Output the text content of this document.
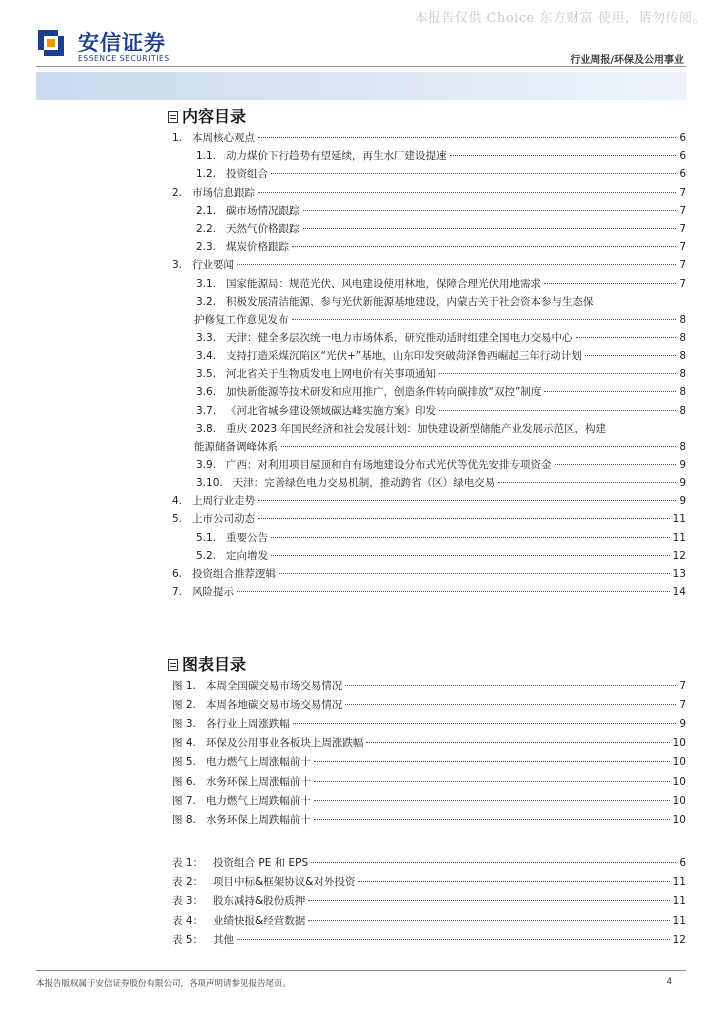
本报告仅供 Choice 东方财富 使用，请勿传阅。
安信证券
ESSENCE SECURITIES	行业周报/环保及公用事业
内容目录
1. 本周核心观点	6
1.1. 动力煤价下行趋势有望延续，再生水厂建设提速	6
1.2. 投资组合	6
2. 市场信息跟踪	7
2.1. 碳市场情况跟踪	7
2.2. 天然气价格跟踪	7
2.3. 煤炭价格跟踪	7
3. 行业要闻	7
3.1. 国家能源局：规范光伏、风电建设使用林地，保障合理光伏用地需求	7
3.2. 积极发展清洁能源、参与光伏新能源基地建设，内蒙古关于社会资本参与生态保
护修复工作意见发布	8
3.3. 天津：健全多层次统一电力市场体系，研究推动适时组建全国电力交易中心	8
3.4. 支持打造采煤沉陷区“光伏+”基地，山东印发突破菏泽鲁西崛起三年行动计划	8
3.5. 河北省关于生物质发电上网电价有关事项通知	8
3.6. 加快新能源等技术研发和应用推广，创造条件转向碳排放“双控”制度	8
3.7. 《河北省城乡建设领域碳达峰实施方案》印发	8
3.8. 重庆 2023 年国民经济和社会发展计划：加快建设新型储能产业发展示范区，构建
能源储备调峰体系	8
3.9. 广西：对利用项目屋顶和自有场地建设分布式光伏等优先安排专项资金	9
3.10. 天津：完善绿色电力交易机制，推动跨省（区）绿电交易	9
4. 上周行业走势	9
5. 上市公司动态	11
5.1. 重要公告	11
5.2. 定向增发	12
6. 投资组合推荐逻辑	13
7. 风险提示	14
图表目录
图 1. 本周全国碳交易市场交易情况	7
图 2. 本周各地碳交易市场交易情况	7
图 3. 各行业上周涨跌幅	9
图 4. 环保及公用事业各板块上周涨跌幅	10
图 5. 电力燃气上周涨幅前十	10
图 6. 水务环保上周涨幅前十	10
图 7. 电力燃气上周跌幅前十	10
图 8. 水务环保上周跌幅前十	10
表 1： 投资组合 PE 和 EPS	6
表 2： 项目中标&框架协议&对外投资	11
表 3： 股东减持&股份质押	11
表 4： 业绩快报&经营数据	11
表 5： 其他	12
本报告版权属于安信证券股份有限公司，各项声明请参见报告尾页。	4
